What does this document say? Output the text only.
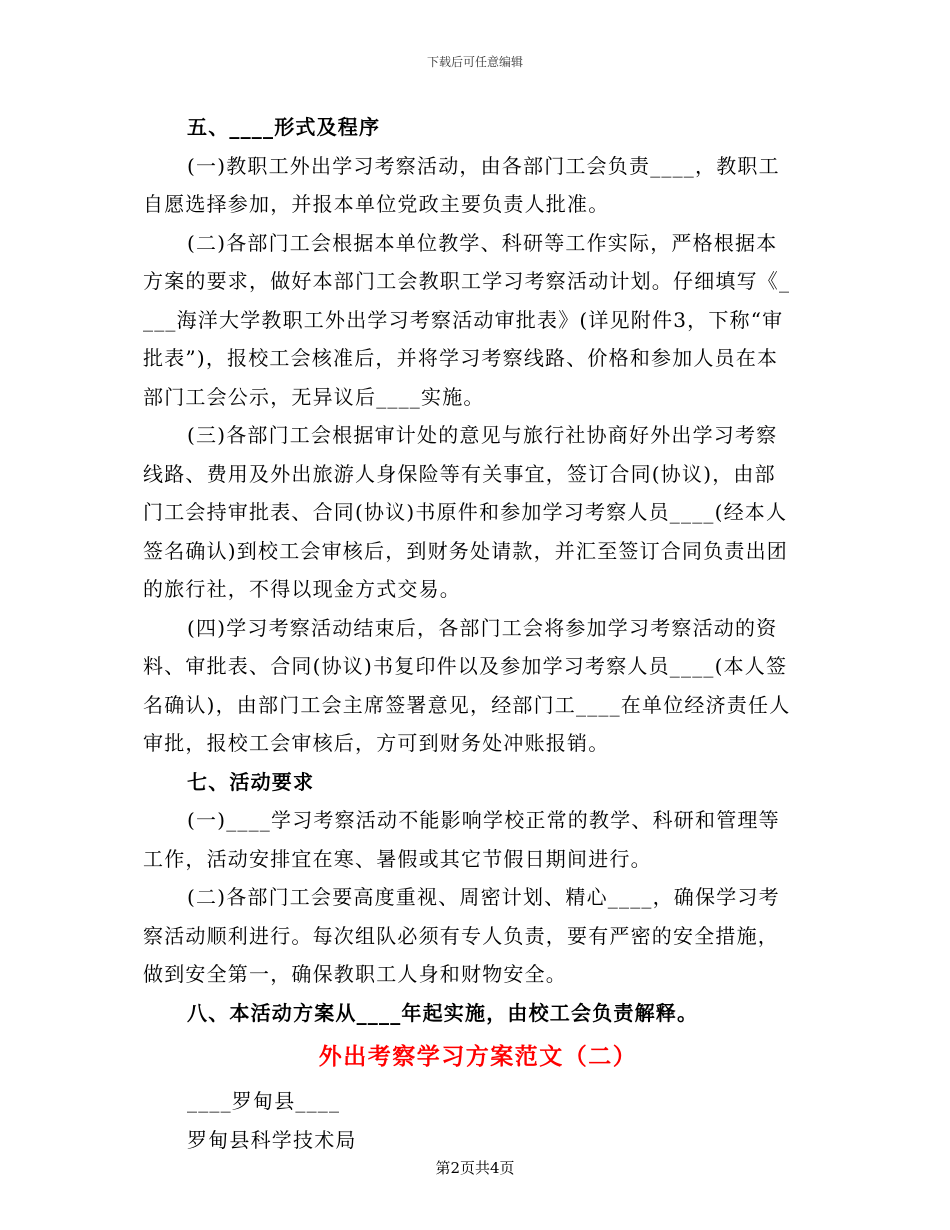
下载后可任意编辑
五、____形式及程序
(一)教职工外出学习考察活动，由各部门工会负责____，教职工
自愿选择参加，并报本单位党政主要负责人批准。
(二)各部门工会根据本单位教学、科研等工作实际，严格根据本
方案的要求，做好本部门工会教职工学习考察活动计划。仔细填写《_
___海洋大学教职工外出学习考察活动审批表》(详见附件3，下称“审
批表”)，报校工会核准后，并将学习考察线路、价格和参加人员在本
部门工会公示，无异议后____实施。
(三)各部门工会根据审计处的意见与旅行社协商好外出学习考察
线路、费用及外出旅游人身保险等有关事宜，签订合同(协议)，由部
门工会持审批表、合同(协议)书原件和参加学习考察人员____(经本人
签名确认)到校工会审核后，到财务处请款，并汇至签订合同负责出团
的旅行社，不得以现金方式交易。
(四)学习考察活动结束后，各部门工会将参加学习考察活动的资
料、审批表、合同(协议)书复印件以及参加学习考察人员____(本人签
名确认)，由部门工会主席签署意见，经部门工____在单位经济责任人
审批，报校工会审核后，方可到财务处冲账报销。
七、活动要求
(一)____学习考察活动不能影响学校正常的教学、科研和管理等
工作，活动安排宜在寒、暑假或其它节假日期间进行。
(二)各部门工会要高度重视、周密计划、精心____，确保学习考
察活动顺利进行。每次组队必须有专人负责，要有严密的安全措施，
做到安全第一，确保教职工人身和财物安全。
八、本活动方案从____年起实施，由校工会负责解释。
外出考察学习方案范文（二）
____罗甸县____
罗甸县科学技术局
第2页共4页
